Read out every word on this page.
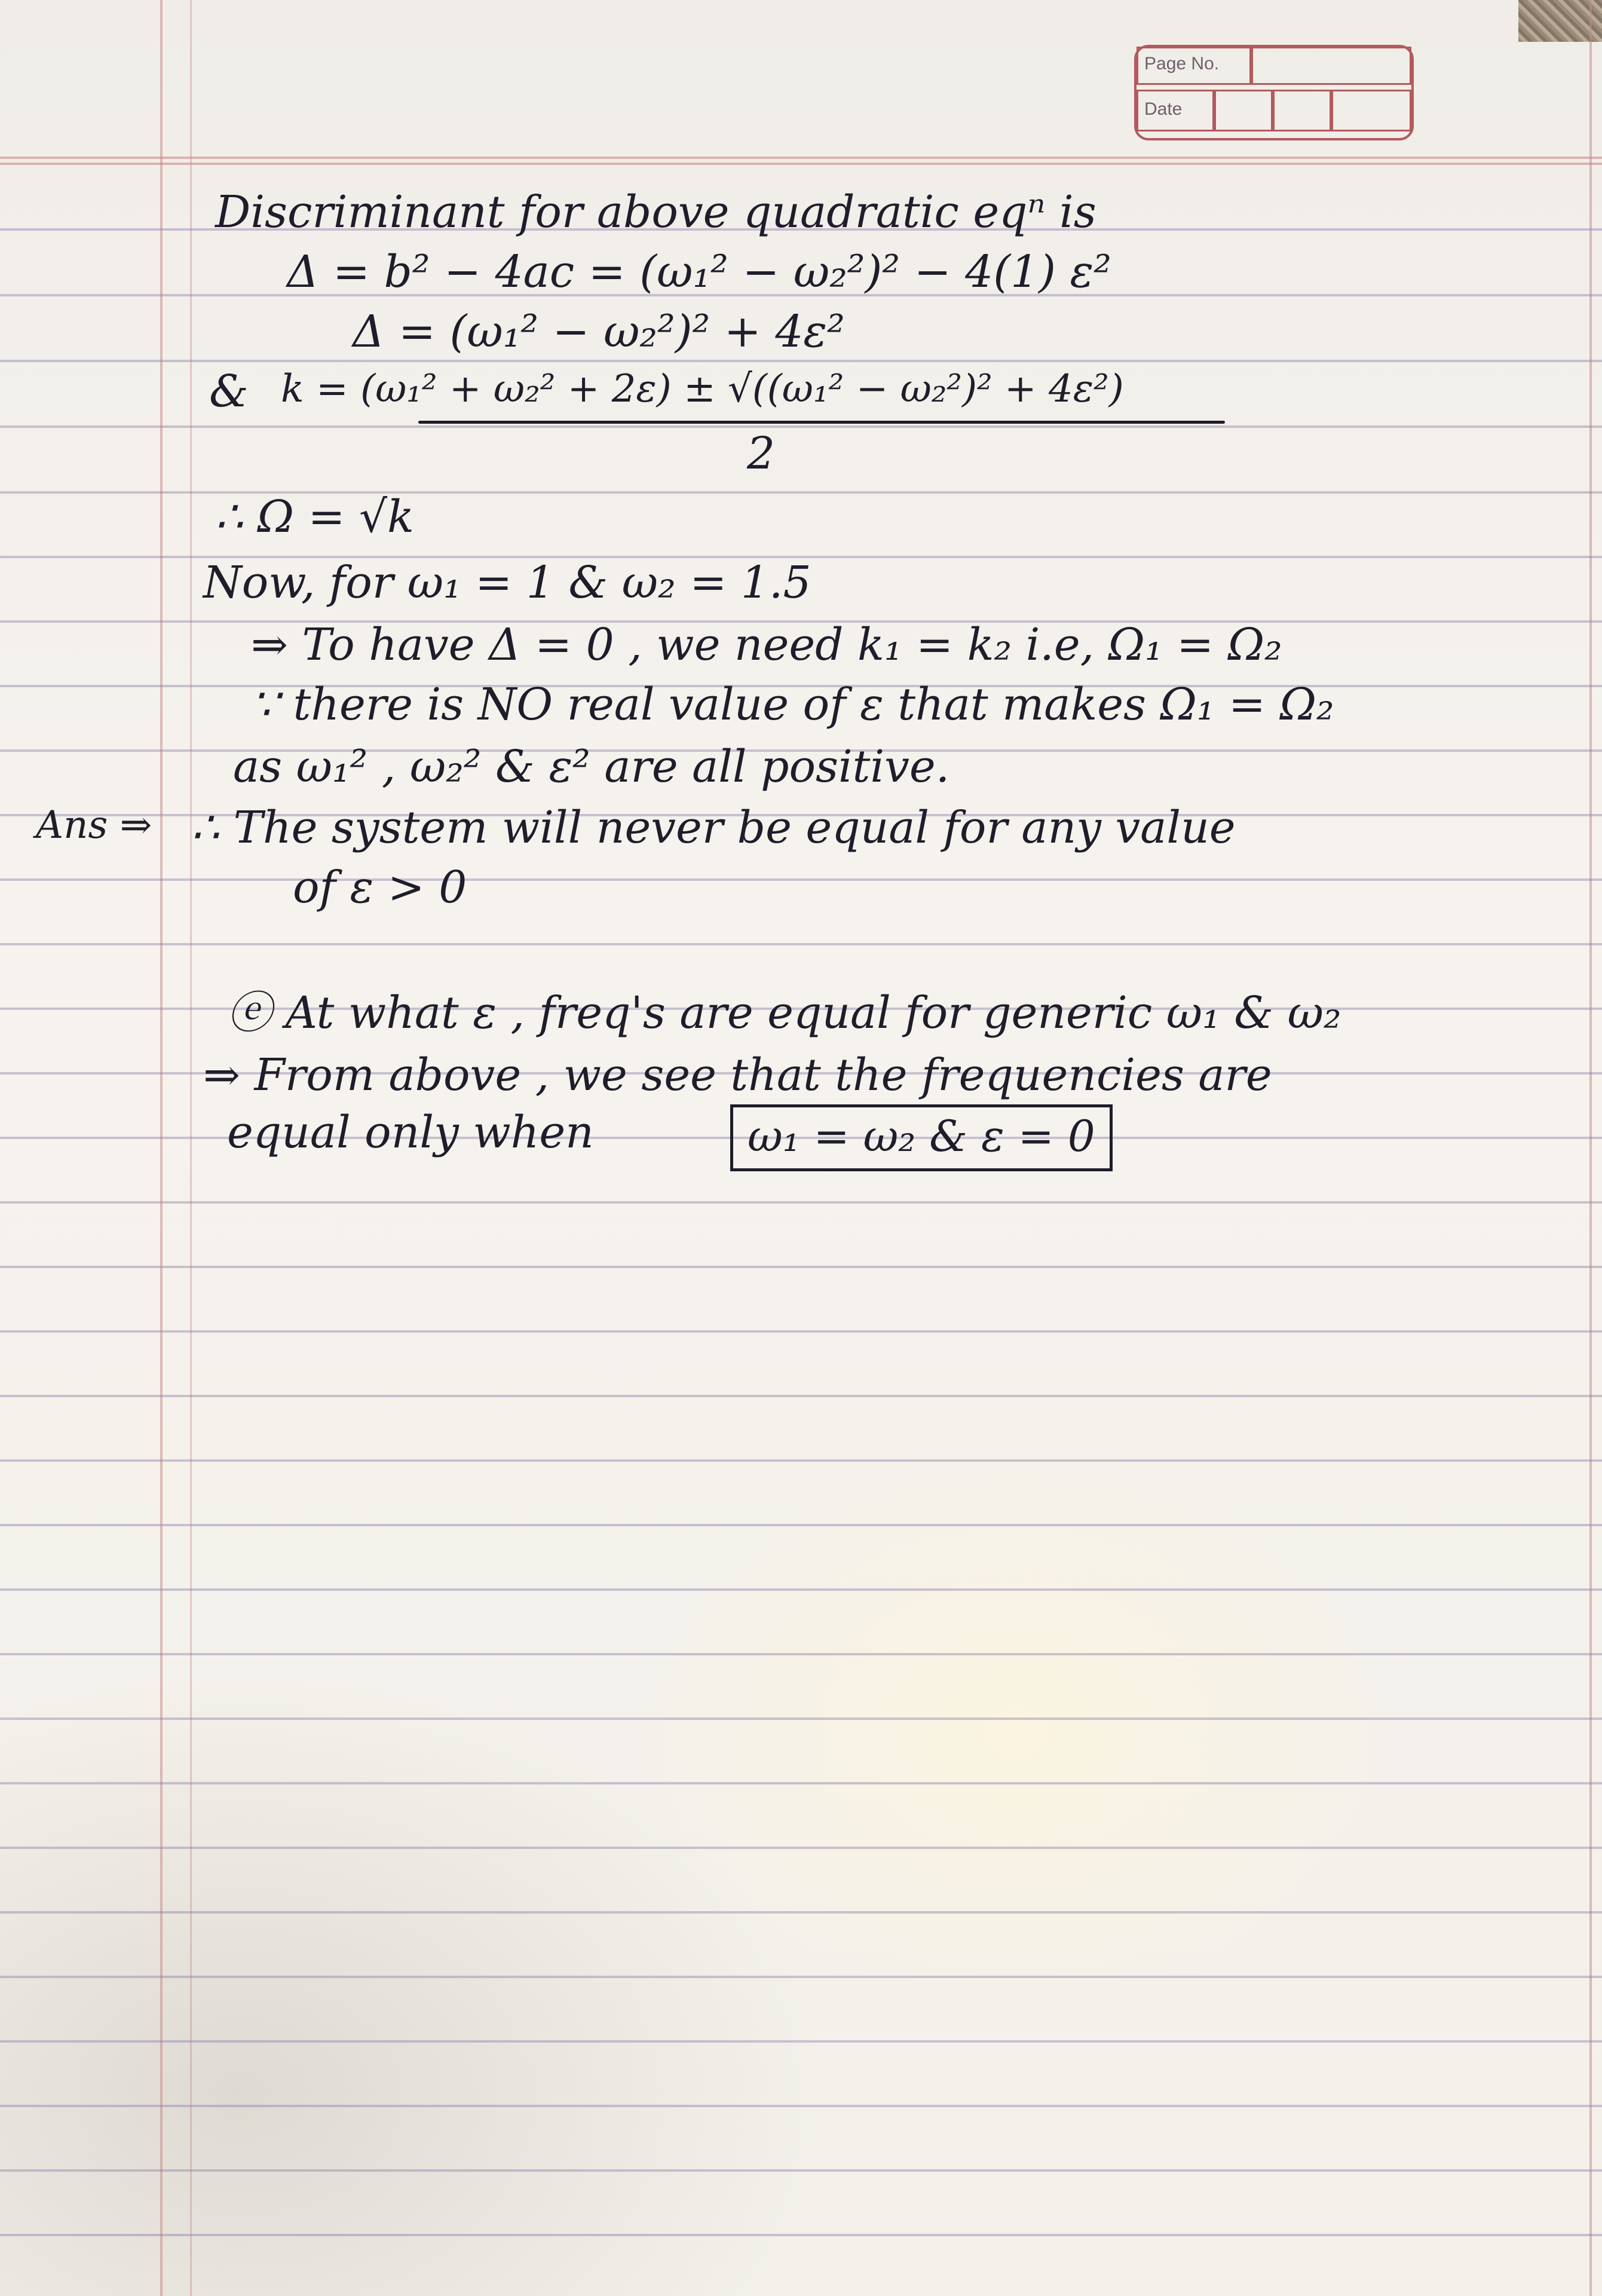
Page No.
Date
Discriminant for above quadratic eqⁿ is
Δ = b² − 4ac = (ω₁² − ω₂²)² − 4(1) ε²
Δ = (ω₁² − ω₂²)² + 4ε²
& k = (ω₁² + ω₂² + 2ε) ± √((ω₁² − ω₂²)² + 4ε²)
2
∴ Ω = √k
Now, for ω₁ = 1 & ω₂ = 1.5
⇒ To have Δ = 0 , we need k₁ = k₂ i.e, Ω₁ = Ω₂
∵ there is NO real value of ε that makes Ω₁ = Ω₂
as ω₁² , ω₂² & ε² are all positive.
Ans ⇒ ∴ The system will never be equal for any value
of ε > 0
ⓔ At what ε , freq's are equal for generic ω₁ & ω₂
⇒ From above , we see that the frequencies are
equal only when	ω₁ = ω₂ & ε = 0
